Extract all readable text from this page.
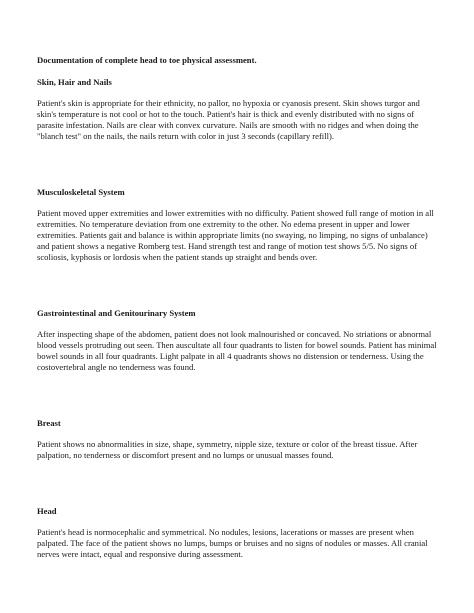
Documentation of complete head to toe physical assessment.

Skin, Hair and Nails

Patient's skin is appropriate for their ethnicity, no pallor, no hypoxia or cyanosis present. Skin shows turgor and skin's temperature is not cool or hot to the touch. Patient's hair is thick and evenly distributed with no signs of parasite infestation. Nails are clear with convex curvature. Nails are smooth with no ridges and when doing the "blanch test" on the nails, the nails return with color in just 3 seconds (capillary refill).

Musculoskeletal System

Patient moved upper extremities and lower extremities with no difficulty. Patient showed full range of motion in all extremities. No temperature deviation from one extremity to the other. No edema present in upper and lower extremities. Patients gait and balance is within appropriate limits (no swaying, no limping, no signs of unbalance) and patient shows a negative Romberg test. Hand strength test and range of motion test shows 5/5. No signs of scoliosis, kyphosis or lordosis when the patient stands up straight and bends over.

Gastrointestinal and Genitourinary System

After inspecting shape of the abdomen, patient does not look malnourished or concaved. No striations or abnormal blood vessels protruding out seen. Then auscultate all four quadrants to listen for bowel sounds. Patient has minimal bowel sounds in all four quadrants. Light palpate in all 4 quadrants shows no distension or tenderness. Using the costovertebral angle no tenderness was found.

Breast

Patient shows no abnormalities in size, shape, symmetry, nipple size, texture or color of the breast tissue. After palpation, no tenderness or discomfort present and no lumps or unusual masses found.

Head

Patient's head is normocephalic and symmetrical. No nodules, lesions, lacerations or masses are present when palpated. The face of the patient shows no lumps, bumps or bruises and no signs of nodules or masses. All cranial nerves were intact, equal and responsive during assessment.
